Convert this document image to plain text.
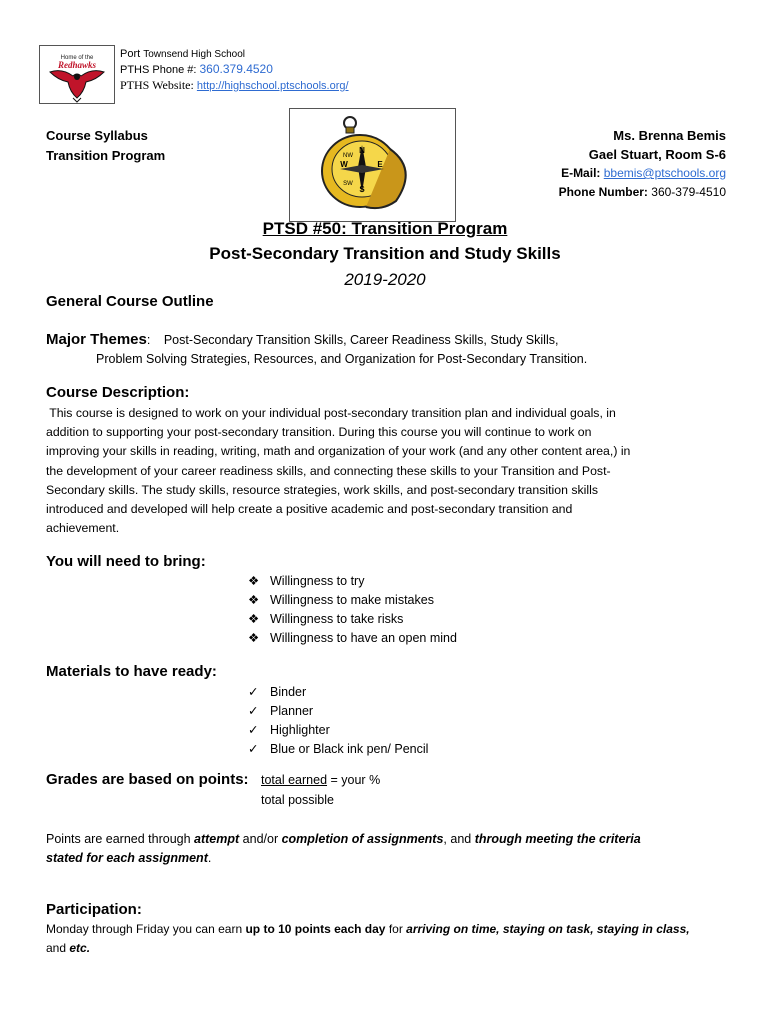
Home of the
Redhawks
Port Townsend High School
PTHS Phone #: 360.379.4520
PTHS Website: http://highschool.ptschools.org/
Course Syllabus
Transition Program	N
S
E
W
NW
SW
Ms. Brenna Bemis
Gael Stuart, Room S-6
E-Mail: bbemis@ptschools.org
Phone Number: 360-379-4510
PTSD #50: Transition Program
Post-Secondary Transition and Study Skills
2019-2020
General Course Outline
Major Themes: Post-Secondary Transition Skills, Career Readiness Skills, Study Skills,
Problem Solving Strategies, Resources, and Organization for Post-Secondary Transition.
Course Description:
This course is designed to work on your individual post-secondary transition plan and individual goals, in
addition to supporting your post-secondary transition. During this course you will continue to work on
improving your skills in reading, writing, math and organization of your work (and any other content area,) in
the development of your career readiness skills, and connecting these skills to your Transition and Post-
Secondary skills. The study skills, resource strategies, work skills, and post-secondary transition skills
introduced and developed will help create a positive academic and post-secondary transition and
achievement.
You will need to bring:
❖ Willingness to try
❖ Willingness to make mistakes
❖ Willingness to take risks
❖ Willingness to have an open mind
Materials to have ready:
✓ Binder
✓ Planner
✓ Highlighter
✓ Blue or Black ink pen/ Pencil
Grades are based on points: total earned = your %
total possible
Points are earned through attempt and/or completion of assignments, and through meeting the criteria
stated for each assignment.
Participation:
Monday through Friday you can earn up to 10 points each day for arriving on time, staying on task, staying in class,
and etc.
